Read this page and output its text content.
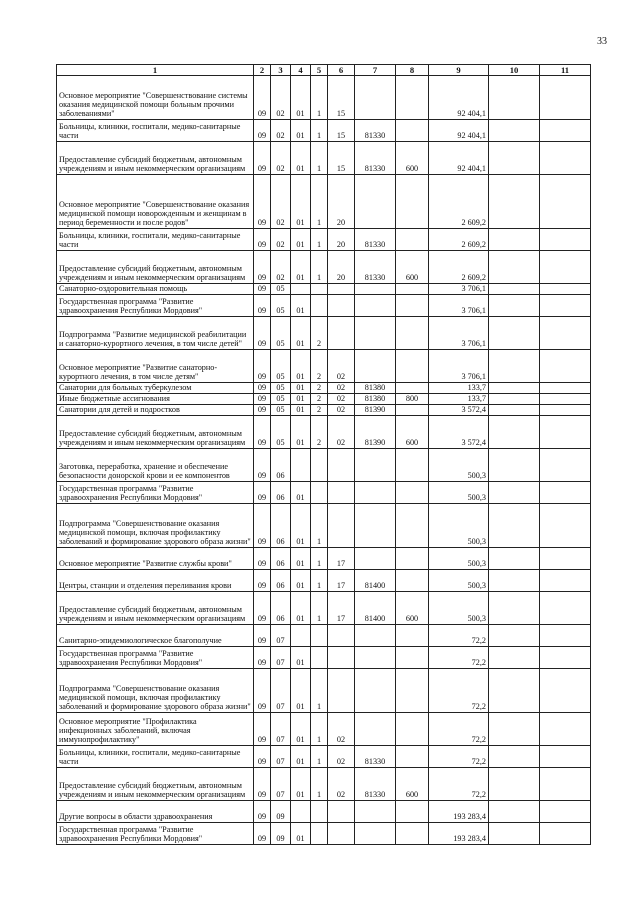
33
1	2	3	4	5	6	7	8	9	10	11
Основное мероприятие "Совершенствование системы оказания медицинской помощи больным прочими заболеваниями"	09	02	01	1	15			92 404,1		
Больницы, клиники, госпитали, медико-санитарные части	09	02	01	1	15	81330		92 404,1		
Предоставление субсидий бюджетным, автономным учреждениям и иным некоммерческим организациям	09	02	01	1	15	81330	600	92 404,1		
Основное мероприятие "Совершенствование оказания медицинской помощи новорожденным и женщинам в период беременности и после родов"	09	02	01	1	20			2 609,2		
Больницы, клиники, госпитали, медико-санитарные части	09	02	01	1	20	81330		2 609,2		
Предоставление субсидий бюджетным, автономным учреждениям и иным некоммерческим организациям	09	02	01	1	20	81330	600	2 609,2		
Санаторно-оздоровительная помощь	09	05						3 706,1		
Государственная программа "Развитие здравоохранения Республики Мордовия"	09	05	01					3 706,1		
Подпрограмма "Развитие медицинской реабилитации и санаторно-курортного лечения, в том числе детей"	09	05	01	2				3 706,1		
Основное мероприятие "Развитие санаторно-курортного лечения, в том числе детям"	09	05	01	2	02			3 706,1		
Санатории для больных туберкулезом	09	05	01	2	02	81380		133,7		
Иные бюджетные ассигнования	09	05	01	2	02	81380	800	133,7		
Санатории для детей и подростков	09	05	01	2	02	81390		3 572,4		
Предоставление субсидий бюджетным, автономным учреждениям и иным некоммерческим организациям	09	05	01	2	02	81390	600	3 572,4		
Заготовка, переработка, хранение и обеспечение безопасности донорской крови и ее компонентов	09	06						500,3		
Государственная программа "Развитие здравоохранения Республики Мордовия"	09	06	01					500,3		
Подпрограмма "Совершенствование оказания медицинской помощи, включая профилактику заболеваний и формирование здорового образа жизни"	09	06	01	1				500,3		
Основное мероприятие "Развитие службы крови"	09	06	01	1	17			500,3		
Центры, станции и отделения переливания крови	09	06	01	1	17	81400		500,3		
Предоставление субсидий бюджетным, автономным учреждениям и иным некоммерческим организациям	09	06	01	1	17	81400	600	500,3		
Санитарно-эпидемиологическое благополучие	09	07						72,2		
Государственная программа "Развитие здравоохранения Республики Мордовия"	09	07	01					72,2		
Подпрограмма "Совершенствование оказания медицинской помощи, включая профилактику заболеваний и формирование здорового образа жизни"	09	07	01	1				72,2		
Основное мероприятие "Профилактика инфекционных заболеваний, включая иммунопрофилактику"	09	07	01	1	02			72,2		
Больницы, клиники, госпитали, медико-санитарные части	09	07	01	1	02	81330		72,2		
Предоставление субсидий бюджетным, автономным учреждениям и иным некоммерческим организациям	09	07	01	1	02	81330	600	72,2		
Другие вопросы в области здравоохранения	09	09						193 283,4		
Государственная программа "Развитие здравоохранения Республики Мордовия"	09	09	01					193 283,4		
